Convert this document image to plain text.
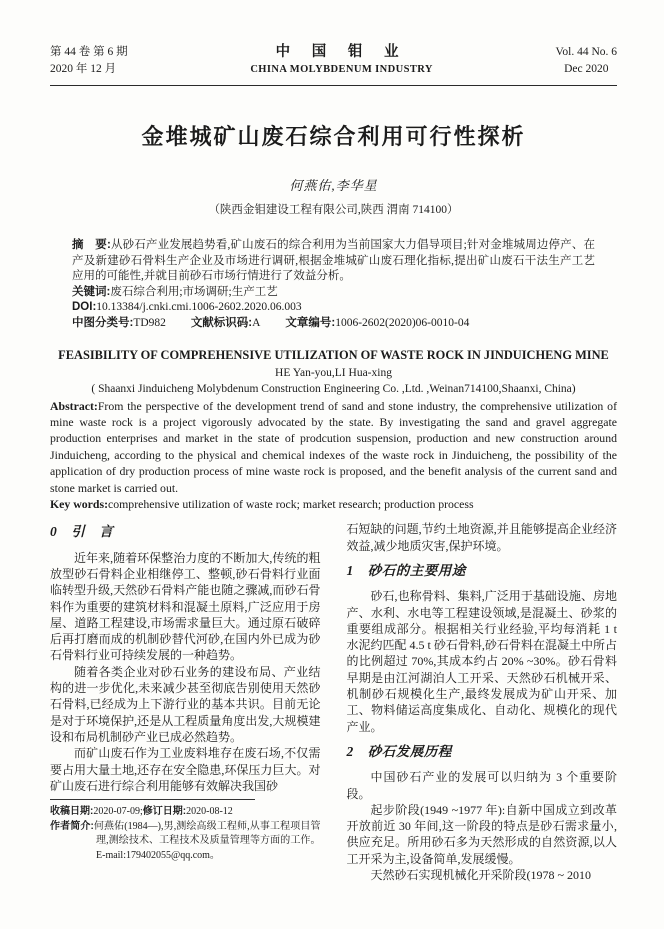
第 44 卷 第 6 期
2020 年 12 月
中 国 钼 业
CHINA MOLYBDENUM INDUSTRY
Vol. 44 No. 6
Dec 2020
金堆城矿山废石综合利用可行性探析
何燕佑,李华星
（陕西金钼建设工程有限公司,陕西 渭南 714100）

摘　要:从砂石产业发展趋势看,矿山废石的综合利用为当前国家大力倡导项目;针对金堆城周边停产、在产及新建砂石骨料生产企业及市场进行调研,根据金堆城矿山废石理化指标,提出矿山废石干法生产工艺应用的可能性,并就目前砂石市场行情进行了效益分析。

关键词:废石综合利用;市场调研;生产工艺

DOI:10.13384/j.cnki.cmi.1006-2602.2020.06.003

中图分类号:TD982 文献标识码:A 文章编号:1006-2602(2020)06-0010-04

FEASIBILITY OF COMPREHENSIVE UTILIZATION OF WASTE ROCK IN JINDUICHENG MINE
HE Yan-you,LI Hua-xing
( Shaanxi Jinduicheng Molybdenum Construction Engineering Co. ,Ltd. ,Weinan714100,Shaanxi, China)

Abstract:From the perspective of the development trend of sand and stone industry, the comprehensive utilization of mine waste rock is a project vigorously advocated by the state. By investigating the sand and gravel aggregate production enterprises and market in the state of prodcution suspension, production and new construction around Jinduicheng, according to the physical and chemical indexes of the waste rock in Jinduicheng, the possibility of the application of dry production process of mine waste rock is proposed, and the benefit analysis of the current sand and stone market is carried out.

Key words:comprehensive utilization of waste rock; market research; production process

0　引　言

近年来,随着环保整治力度的不断加大,传统的粗放型砂石骨料企业相继停工、整顿,砂石骨料行业面临转型升级,天然砂石骨料产能也随之骤减,而砂石骨料作为重要的建筑材料和混凝土原料,广泛应用于房屋、道路工程建设,市场需求量巨大。通过原石破碎后再打磨而成的机制砂替代河砂,在国内外已成为砂石骨料行业可持续发展的一种趋势。

随着各类企业对砂石业务的建设布局、产业结构的进一步优化,未来减少甚至彻底告别使用天然砂石骨料,已经成为上下游行业的基本共识。目前无论是对于环境保护,还是从工程质量角度出发,大规模建设和布局机制砂产业已成必然趋势。

而矿山废石作为工业废料堆存在废石场,不仅需要占用大量土地,还存在安全隐患,环保压力巨大。对矿山废石进行综合利用能够有效解决我国砂

收稿日期:2020-07-09;修订日期:2020-08-12

作者简介:何燕佑(1984—),男,测绘高级工程师,从事工程项目管理,测绘技术、工程技术及质量管理等方面的工作。E-mail:179402055@qq.com。

石短缺的问题,节约土地资源,并且能够提高企业经济效益,减少地质灾害,保护环境。

1　砂石的主要用途

砂石,也称骨料、集料,广泛用于基础设施、房地产、水利、水电等工程建设领域,是混凝土、砂浆的重要组成部分。根据相关行业经验,平均每消耗 1 t 水泥约匹配 4.5 t 砂石骨料,砂石骨料在混凝土中所占的比例超过 70%,其成本约占 20% ~30%。砂石骨料早期是由江河湖泊人工开采、天然砂石机械开采、机制砂石规模化生产,最终发展成为矿山开采、加工、物料储运高度集成化、自动化、规模化的现代产业。

2　砂石发展历程

中国砂石产业的发展可以归纳为 3 个重要阶段。

起步阶段(1949 ~1977 年):自新中国成立到改革开放前近 30 年间,这一阶段的特点是砂石需求量小,供应充足。所用砂石多为天然形成的自然资源,以人工开采为主,设备简单,发展缓慢。

天然砂石实现机械化开采阶段(1978 ~ 2010
